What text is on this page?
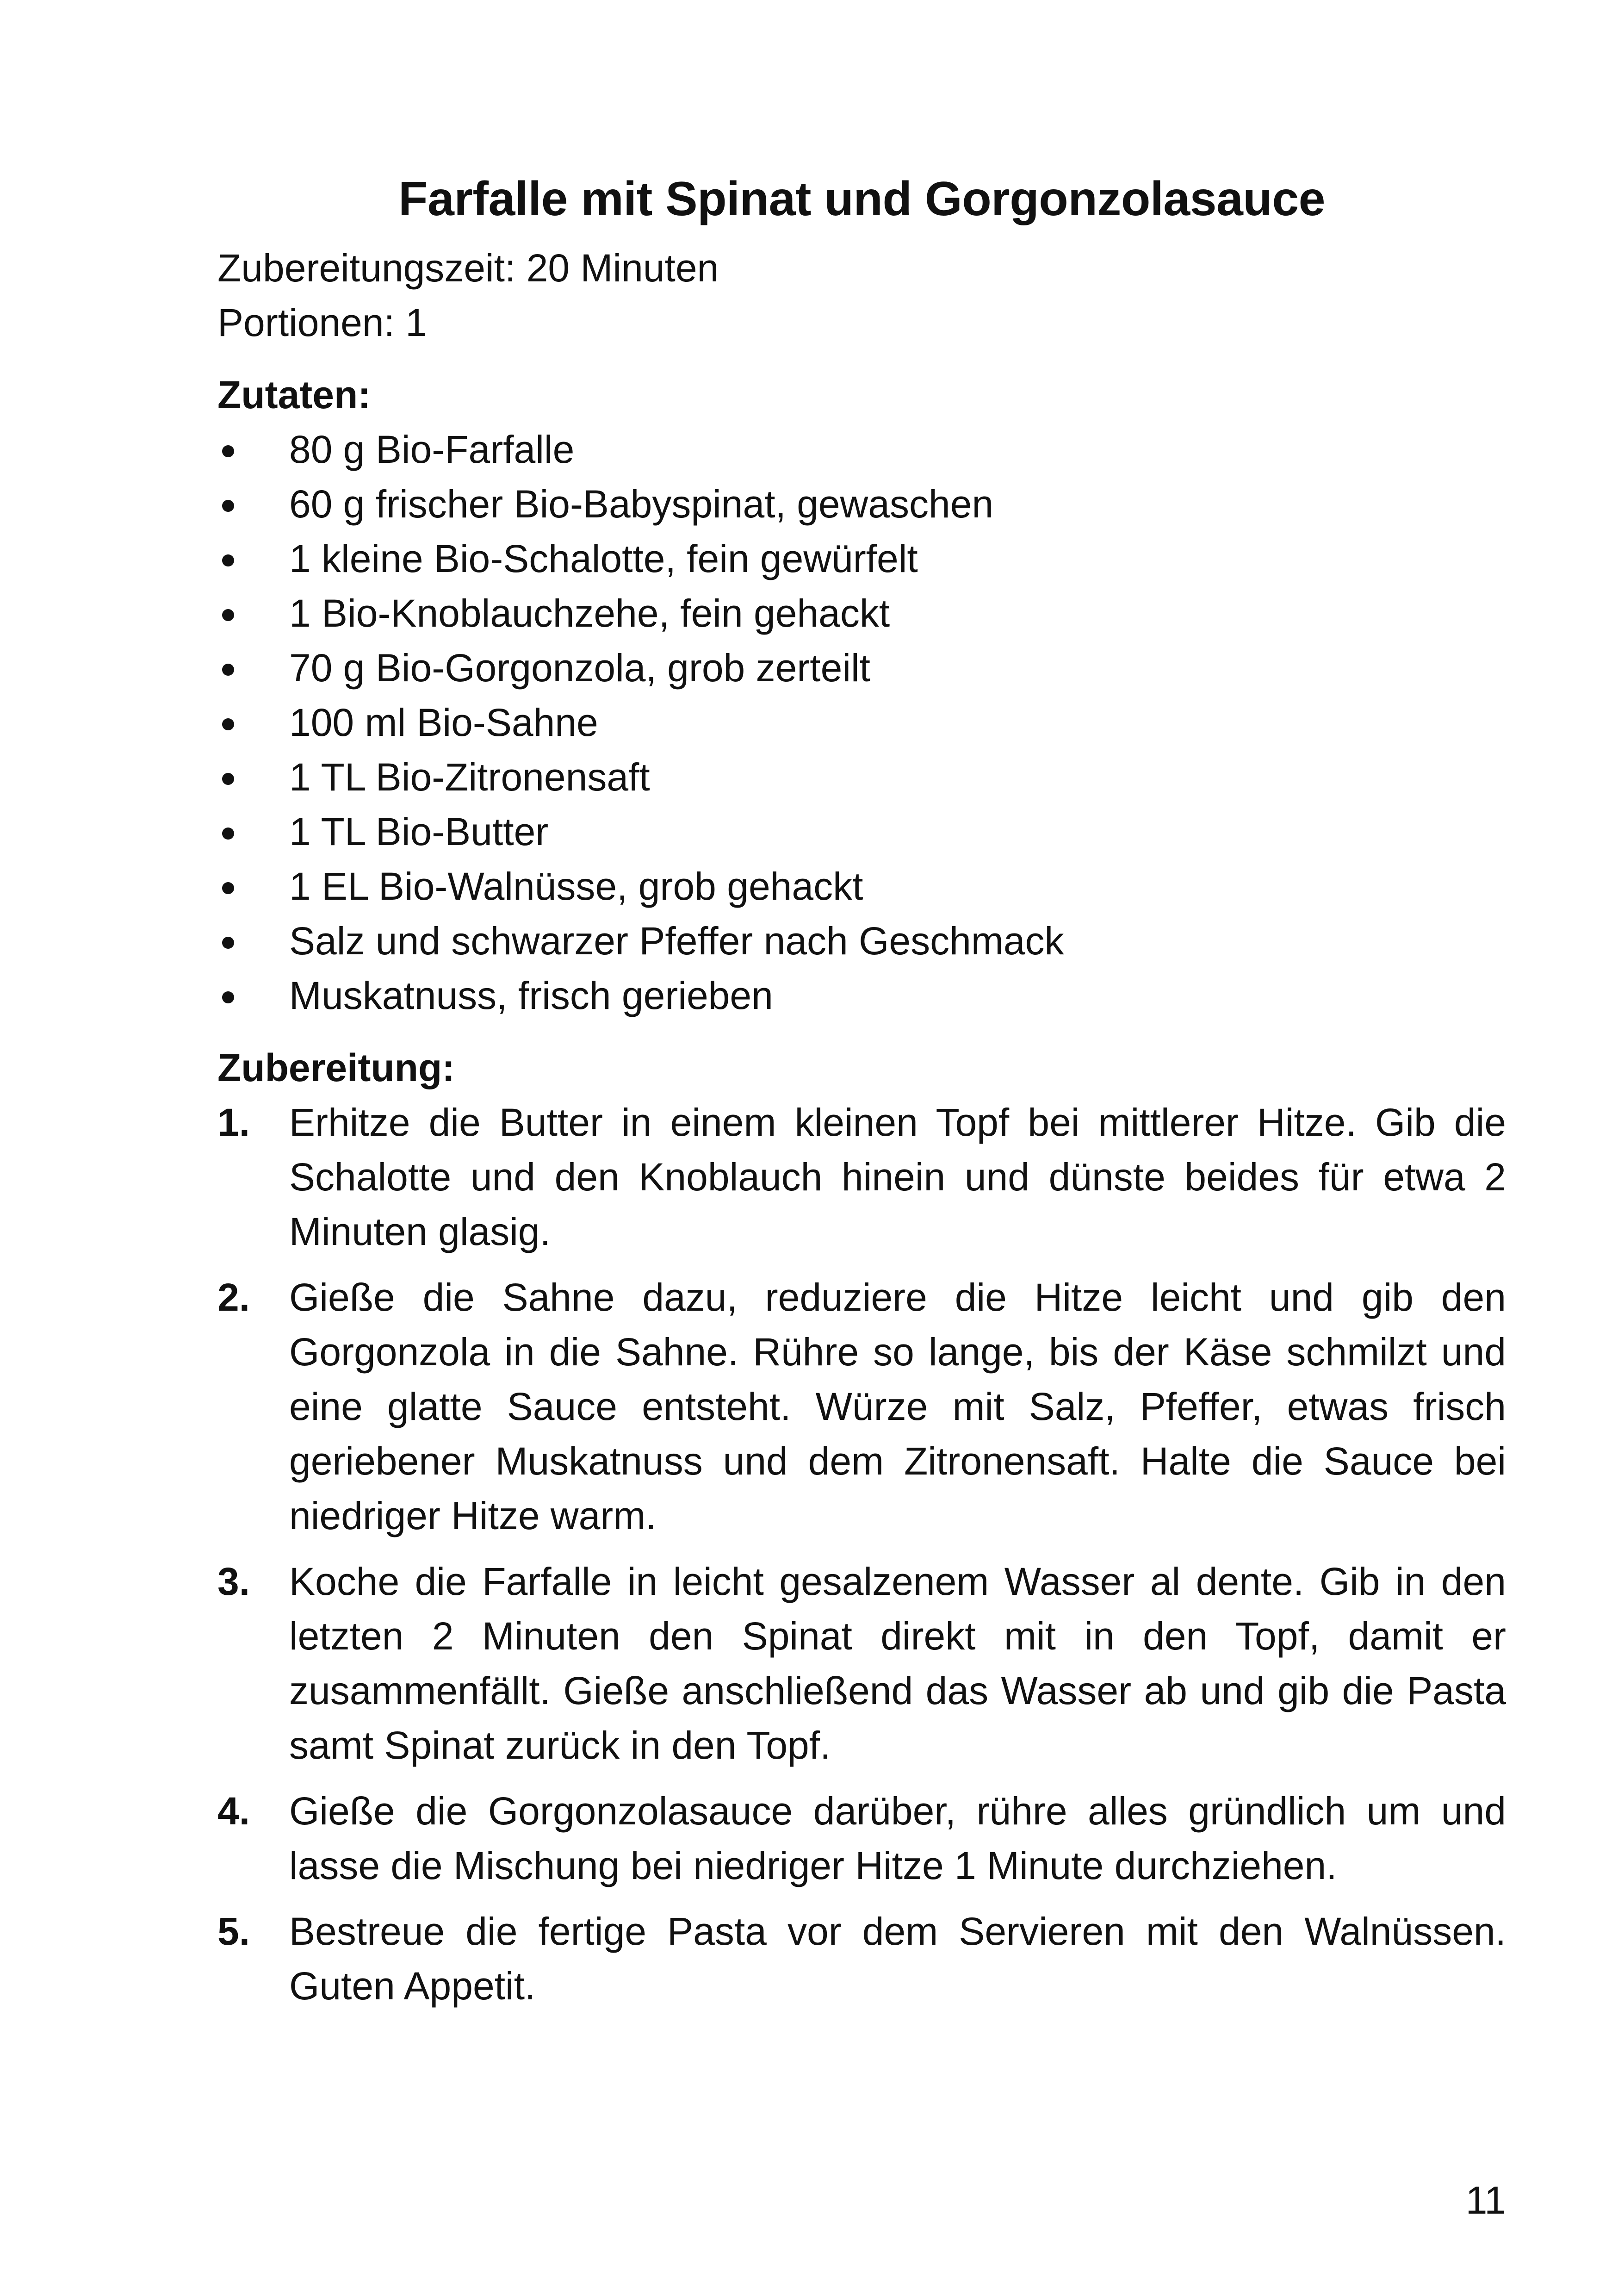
Farfalle mit Spinat und Gorgonzolasauce

Zubereitungszeit: 20 Minuten

Portionen: 1

Zutaten:

80 g Bio-Farfalle
60 g frischer Bio-Babyspinat, gewaschen
1 kleine Bio-Schalotte, fein gewürfelt
1 Bio-Knoblauchzehe, fein gehackt
70 g Bio-Gorgonzola, grob zerteilt
100 ml Bio-Sahne
1 TL Bio-Zitronensaft
1 TL Bio-Butter
1 EL Bio-Walnüsse, grob gehackt
Salz und schwarzer Pfeffer nach Geschmack
Muskatnuss, frisch gerieben

Zubereitung:

1. Erhitze die Butter in einem kleinen Topf bei mittlerer Hitze. Gib die Schalotte und den Knoblauch hinein und dünste beides für etwa 2 Minuten glasig.
2. Gieße die Sahne dazu, reduziere die Hitze leicht und gib den Gorgonzola in die Sahne. Rühre so lange, bis der Käse schmilzt und eine glatte Sauce entsteht. Würze mit Salz, Pfeffer, etwas frisch geriebener Muskatnuss und dem Zitronensaft. Halte die Sauce bei niedriger Hitze warm.
3. Koche die Farfalle in leicht gesalzenem Wasser al dente. Gib in den letzten 2 Minuten den Spinat direkt mit in den Topf, damit er zusammenfällt. Gieße anschließend das Wasser ab und gib die Pasta samt Spinat zurück in den Topf.
4. Gieße die Gorgonzolasauce darüber, rühre alles gründlich um und lasse die Mischung bei niedriger Hitze 1 Minute durchziehen.
5. Bestreue die fertige Pasta vor dem Servieren mit den Walnüssen. Guten Appetit.
11
